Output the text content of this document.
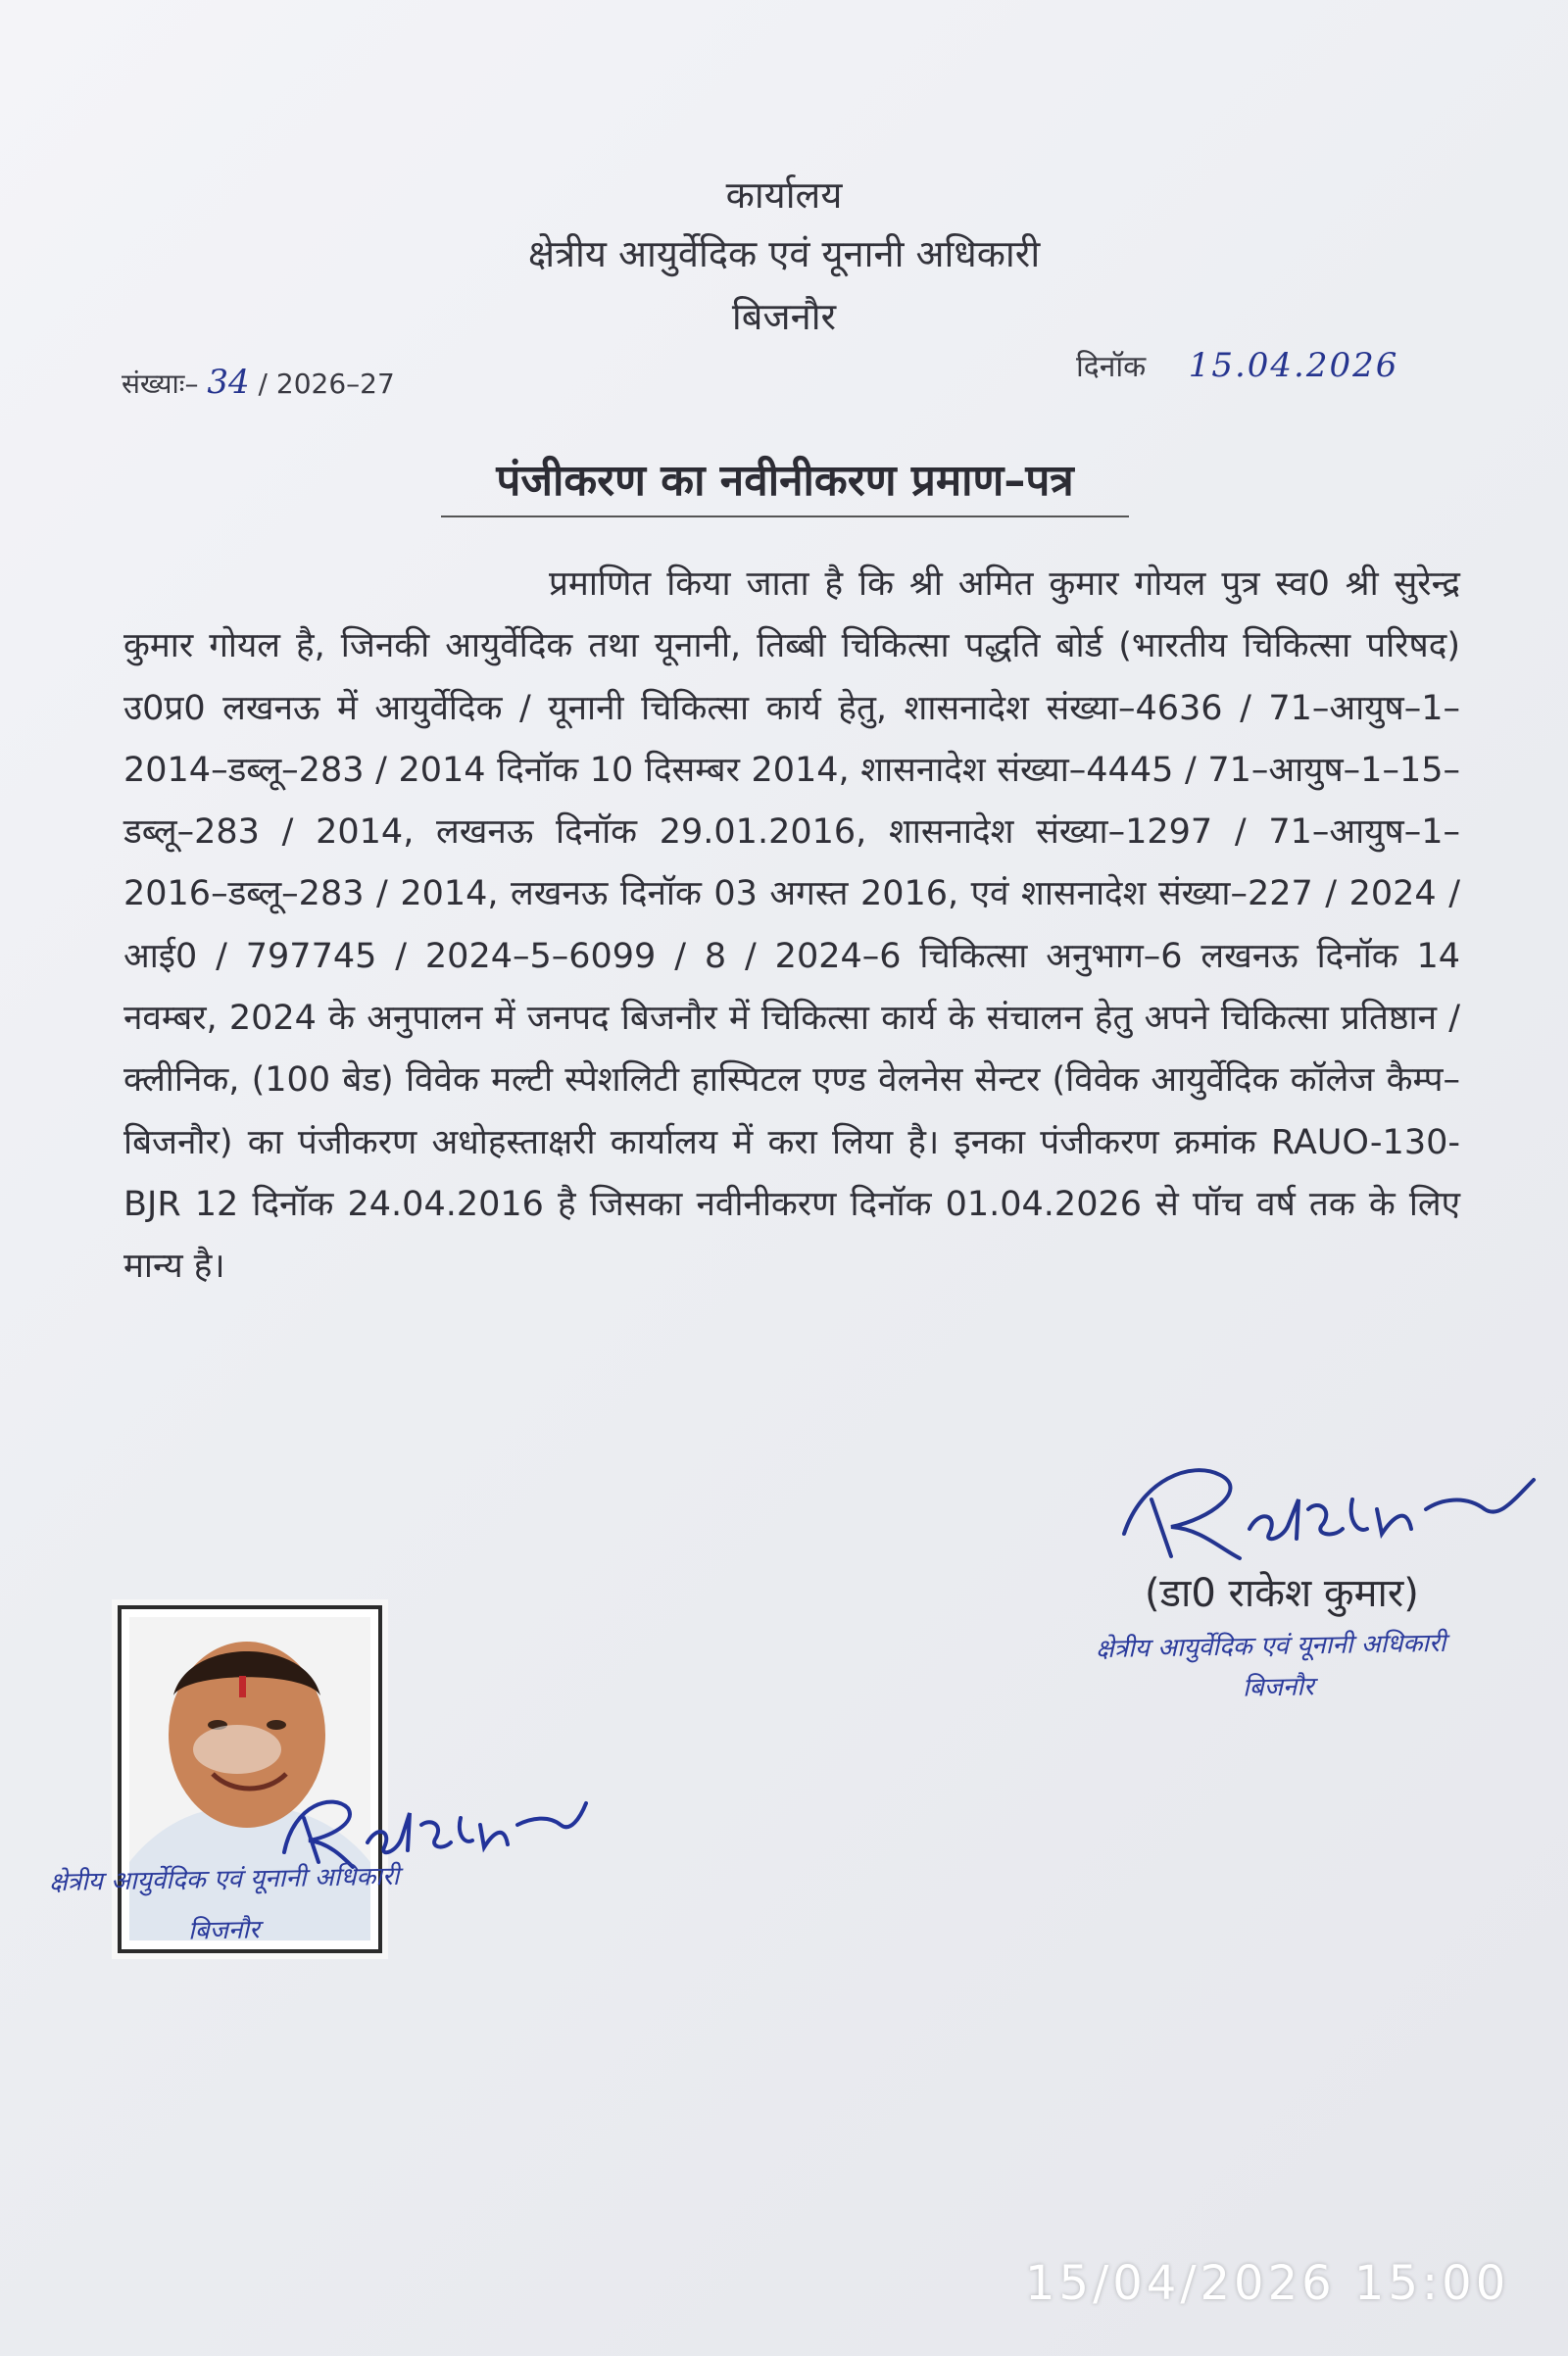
कार्यालय
क्षेत्रीय आयुर्वेदिक एवं यूनानी अधिकारी
बिजनौर
संख्याः– 34 / 2026–27	दिनॉक 15.04.2026
पंजीकरण का नवीनीकरण प्रमाण–पत्र
प्रमाणित किया जाता है कि श्री अमित कुमार गोयल पुत्र स्व0 श्री सुरेन्द्र कुमार गोयल है, जिनकी आयुर्वेदिक तथा यूनानी, तिब्बी चिकित्सा पद्धति बोर्ड (भारतीय चिकित्सा परिषद) उ0प्र0 लखनऊ में आयुर्वेदिक / यूनानी चिकित्सा कार्य हेतु, शासनादेश संख्या–4636 / 71–आयुष–1–2014–डब्लू–283 / 2014 दिनॉक 10 दिसम्बर 2014, शासनादेश संख्या–4445 / 71–आयुष–1–15–डब्लू–283 / 2014, लखनऊ दिनॉक 29.01.2016, शासनादेश संख्या–1297 / 71–आयुष–1–2016–डब्लू–283 / 2014, लखनऊ दिनॉक 03 अगस्त 2016, एवं शासनादेश संख्या–227 / 2024 / आई0 / 797745 / 2024–5–6099 / 8 / 2024–6 चिकित्सा अनुभाग–6 लखनऊ दिनॉक 14 नवम्बर, 2024 के अनुपालन में जनपद बिजनौर में चिकित्सा कार्य के संचालन हेतु अपने चिकित्सा प्रतिष्ठान / क्लीनिक, (100 बेड) विवेक मल्टी स्पेशलिटी हास्पिटल एण्ड वेलनेस सेन्टर (विवेक आयुर्वेदिक कॉलेज कैम्प–बिजनौर) का पंजीकरण अधोहस्ताक्षरी कार्यालय में करा लिया है। इनका पंजीकरण क्रमांक RAUO-130-BJR 12 दिनॉक 24.04.2016 है जिसका नवीनीकरण दिनॉक 01.04.2026 से पॉच वर्ष तक के लिए मान्य है।
(डा0 राकेश कुमार)
क्षेत्रीय आयुर्वेदिक एवं यूनानी अधिकारी
बिजनौर
क्षेत्रीय आयुर्वेदिक एवं यूनानी अधिकारी
बिजनौर
15/04/2026 15:00
